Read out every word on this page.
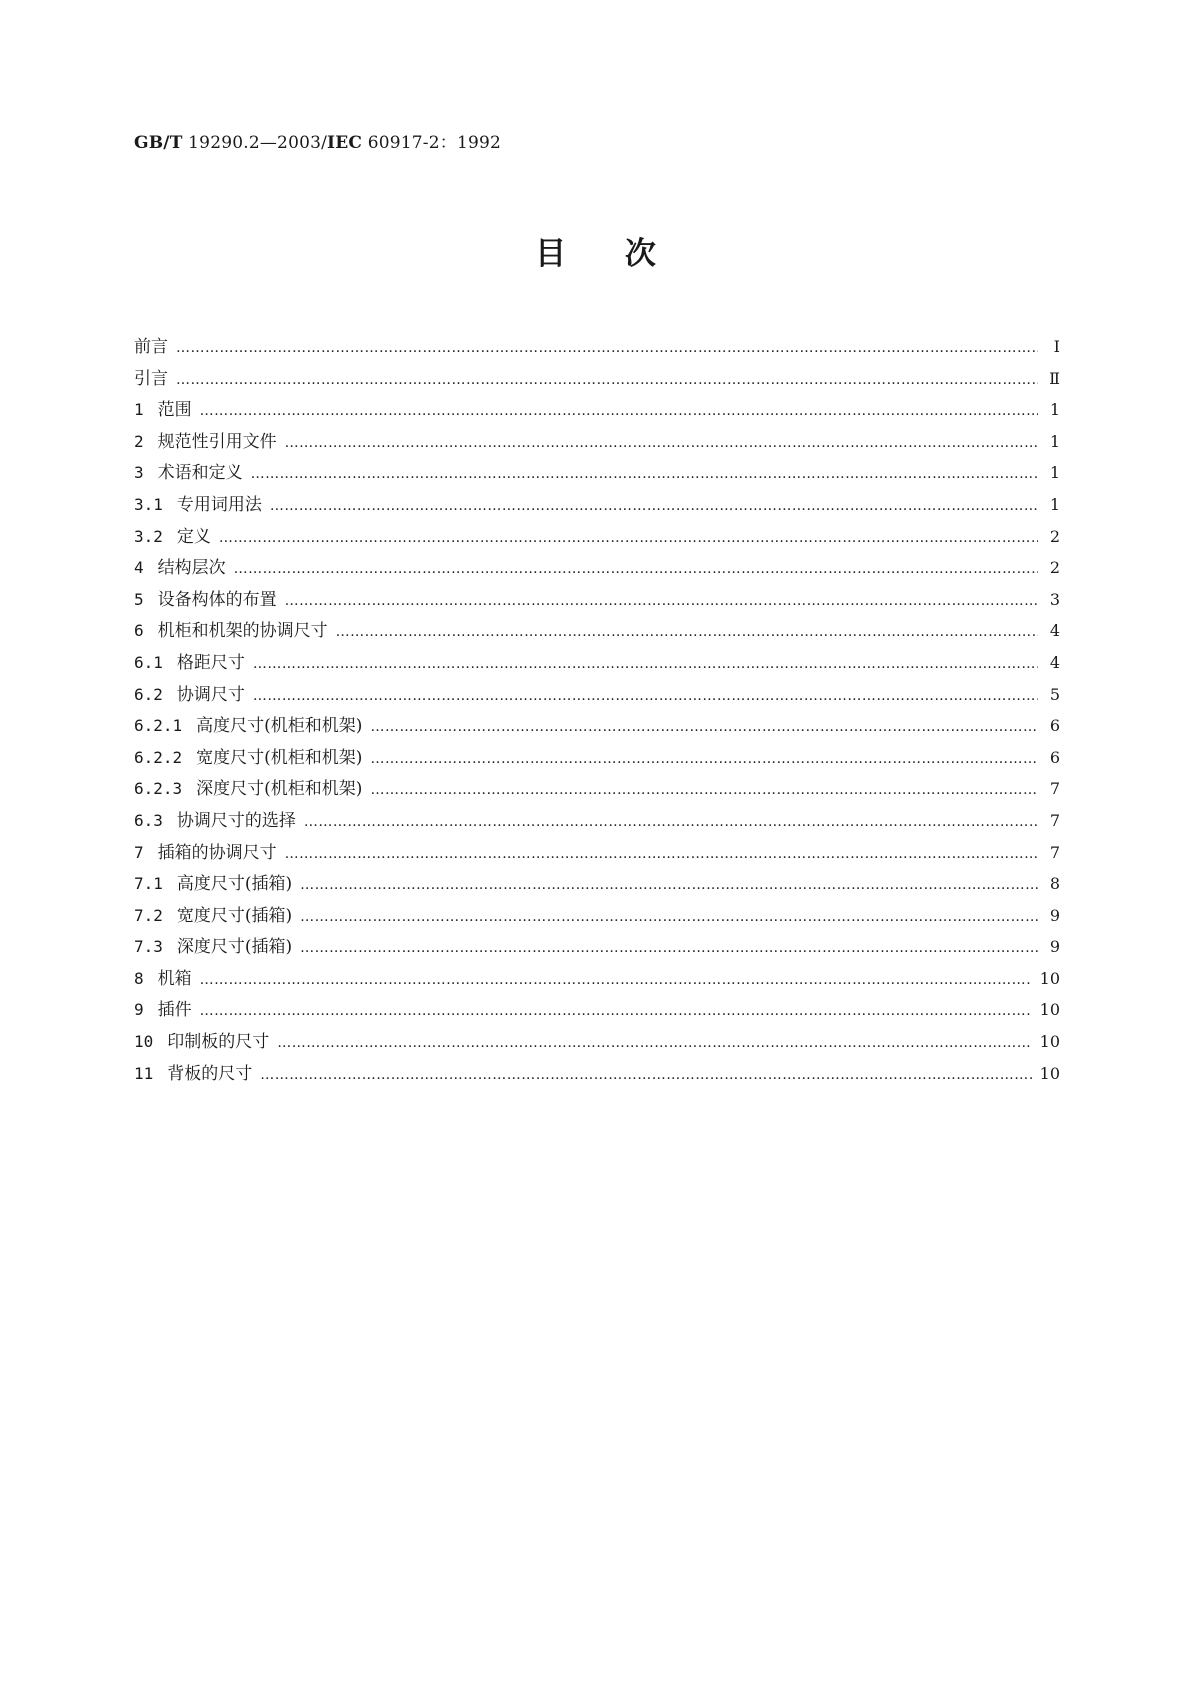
GB/T 19290.2—2003/IEC 60917-2：1992
目 次
前言 …………………………………………………………………………………………………………………………………………………………………………………………………………………………	Ⅰ
引言 …………………………………………………………………………………………………………………………………………………………………………………………………………………………	Ⅱ
1 范围 …………………………………………………………………………………………………………………………………………………………………………………………………………………………	1
2 规范性引用文件 …………………………………………………………………………………………………………………………………………………………………………………………………………………………	1
3 术语和定义 …………………………………………………………………………………………………………………………………………………………………………………………………………………………	1
3.1 专用词用法 …………………………………………………………………………………………………………………………………………………………………………………………………………………………	1
3.2 定义 …………………………………………………………………………………………………………………………………………………………………………………………………………………………	2
4 结构层次 …………………………………………………………………………………………………………………………………………………………………………………………………………………………	2
5 设备构体的布置 …………………………………………………………………………………………………………………………………………………………………………………………………………………………	3
6 机柜和机架的协调尺寸 …………………………………………………………………………………………………………………………………………………………………………………………………………………………	4
6.1 格距尺寸 …………………………………………………………………………………………………………………………………………………………………………………………………………………………	4
6.2 协调尺寸 …………………………………………………………………………………………………………………………………………………………………………………………………………………………	5
6.2.1 高度尺寸(机柜和机架) …………………………………………………………………………………………………………………………………………………………………………………………………………………………	6
6.2.2 宽度尺寸(机柜和机架) …………………………………………………………………………………………………………………………………………………………………………………………………………………………	6
6.2.3 深度尺寸(机柜和机架) …………………………………………………………………………………………………………………………………………………………………………………………………………………………	7
6.3 协调尺寸的选择 …………………………………………………………………………………………………………………………………………………………………………………………………………………………	7
7 插箱的协调尺寸 …………………………………………………………………………………………………………………………………………………………………………………………………………………………	7
7.1 高度尺寸(插箱) …………………………………………………………………………………………………………………………………………………………………………………………………………………………	8
7.2 宽度尺寸(插箱) …………………………………………………………………………………………………………………………………………………………………………………………………………………………	9
7.3 深度尺寸(插箱) …………………………………………………………………………………………………………………………………………………………………………………………………………………………	9
8 机箱 …………………………………………………………………………………………………………………………………………………………………………………………………………………………	10
9 插件 …………………………………………………………………………………………………………………………………………………………………………………………………………………………	10
10 印制板的尺寸 …………………………………………………………………………………………………………………………………………………………………………………………………………………………	10
11 背板的尺寸 …………………………………………………………………………………………………………………………………………………………………………………………………………………………	10
